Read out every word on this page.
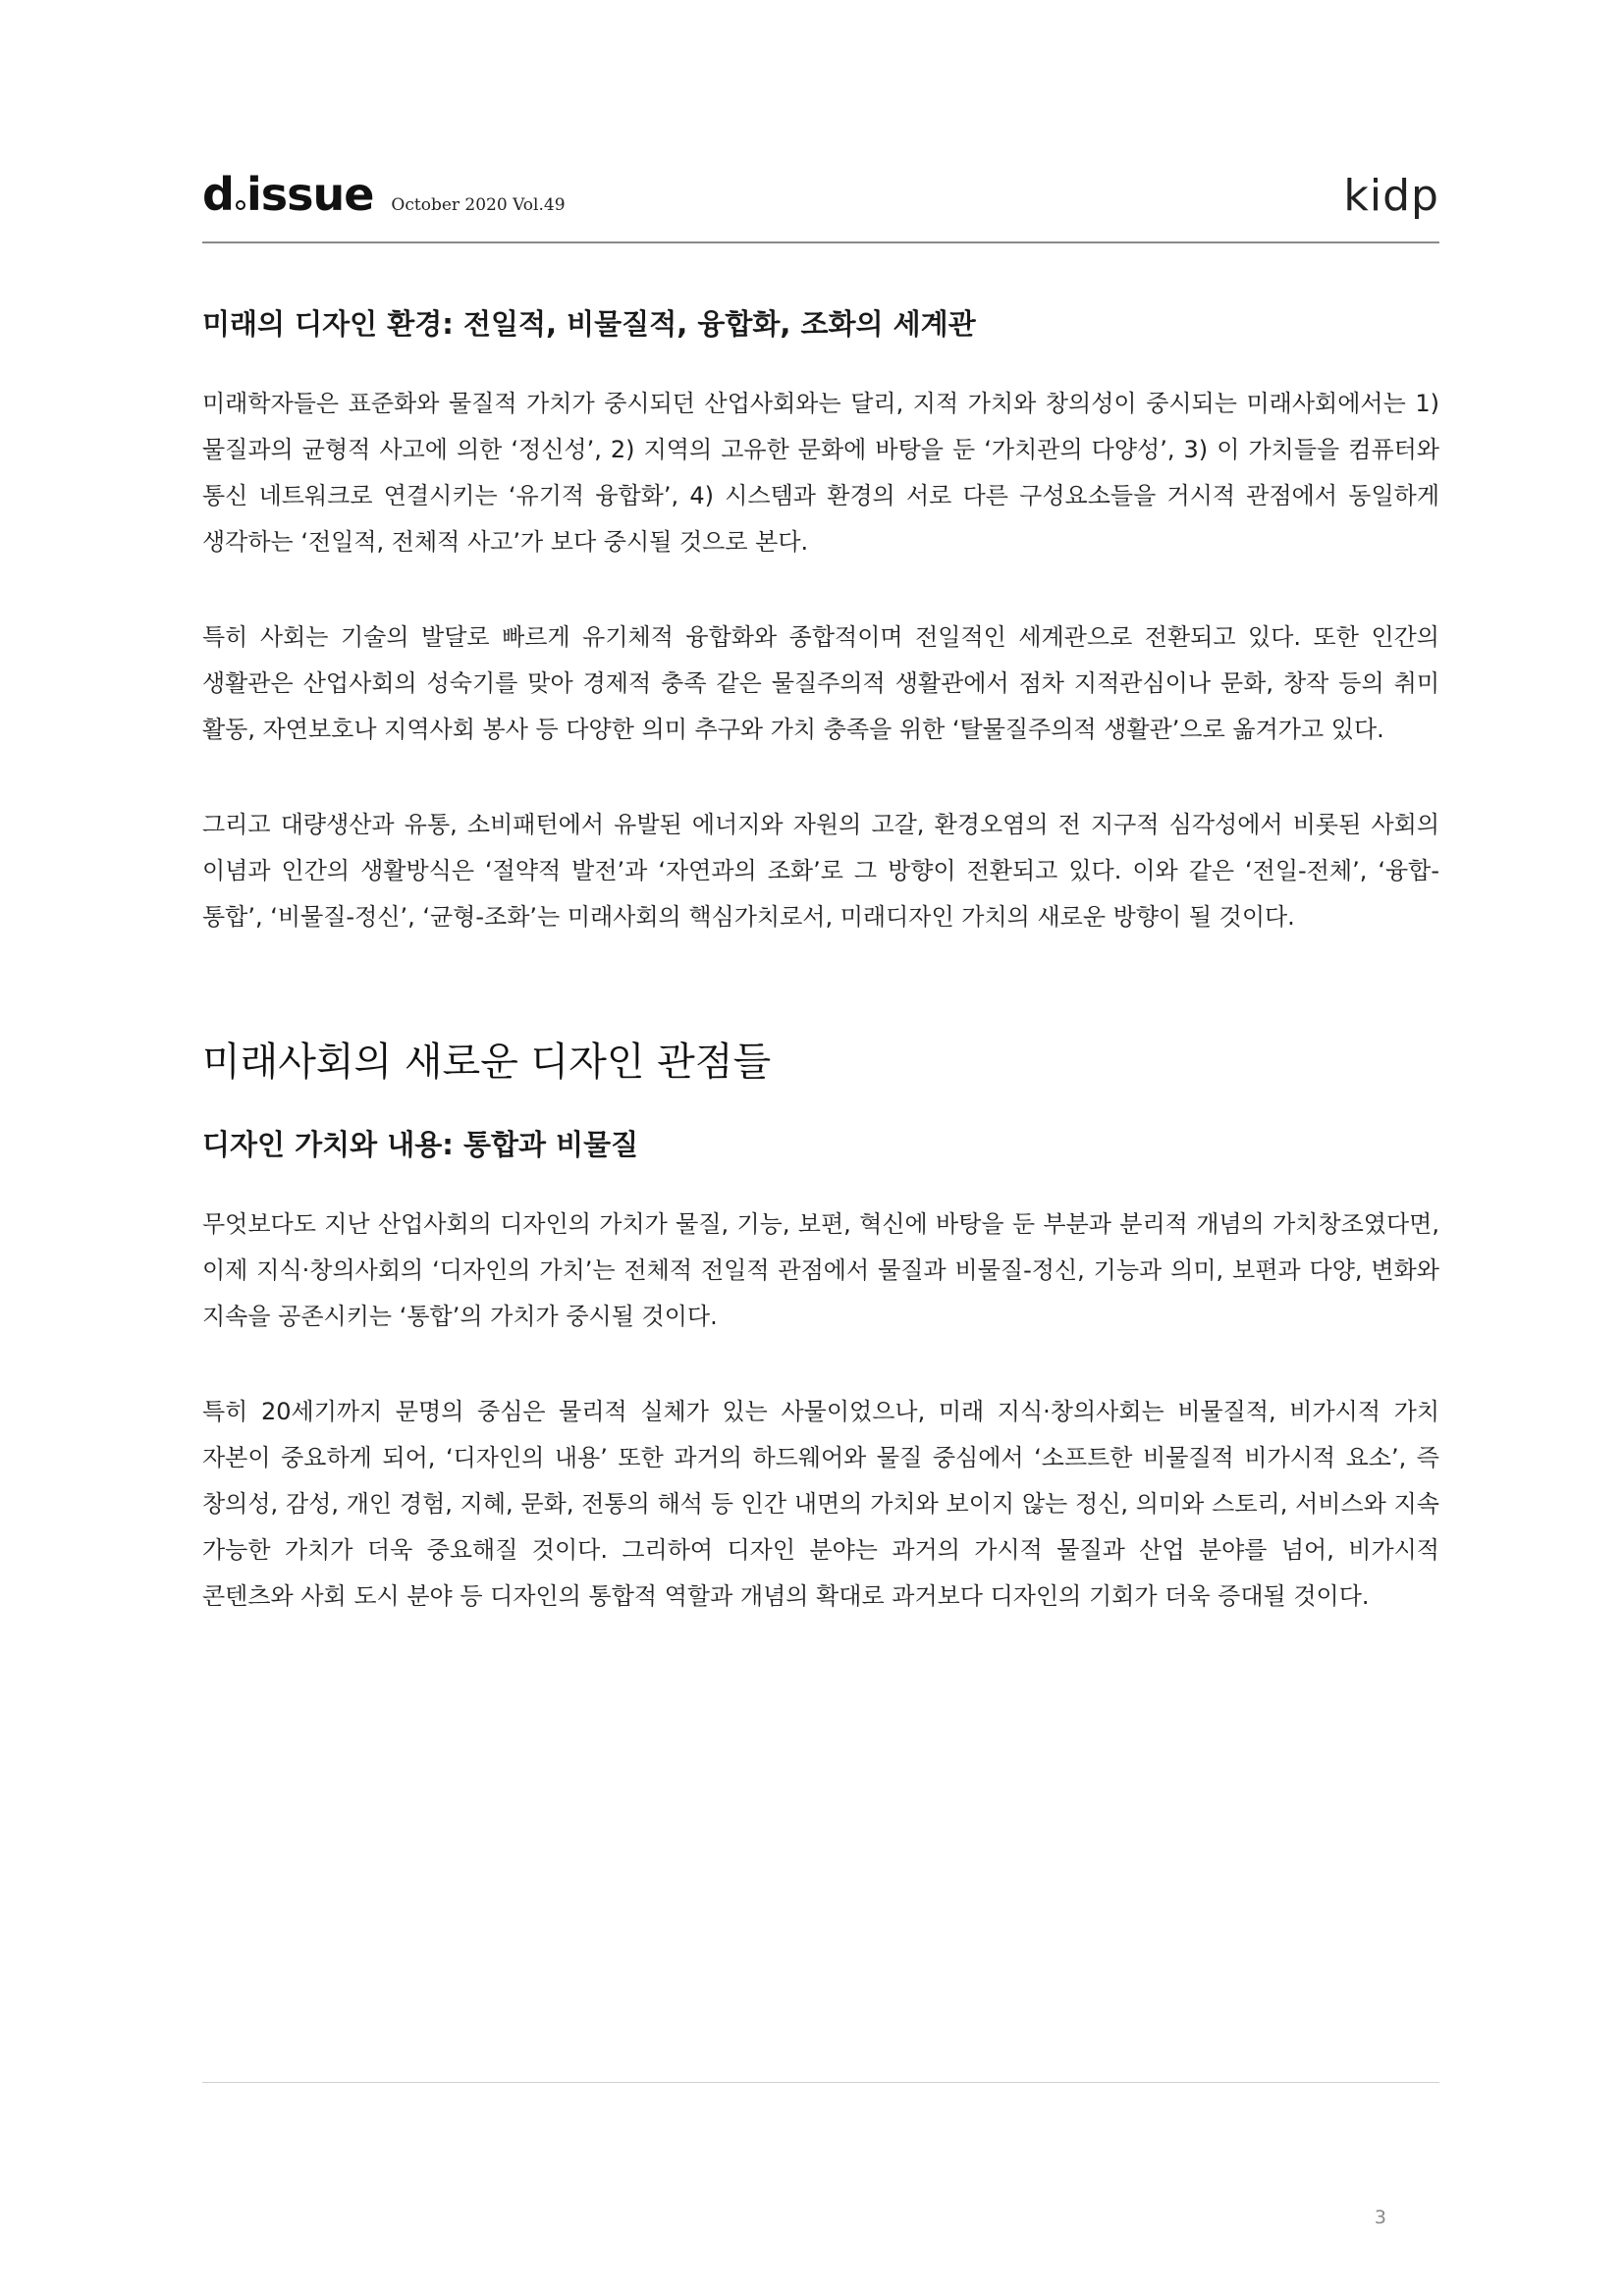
d issue October 2020 Vol.49	kidp
미래의 디자인 환경: 전일적, 비물질적, 융합화, 조화의 세계관

미래학자들은 표준화와 물질적 가치가 중시되던 산업사회와는 달리, 지적 가치와 창의성이 중시되는 미래사회에서는 1) 물질과의 균형적 사고에 의한 ‘정신성’, 2) 지역의 고유한 문화에 바탕을 둔 ‘가치관의 다양성’, 3) 이 가치들을 컴퓨터와 통신 네트워크로 연결시키는 ‘유기적 융합화’, 4) 시스템과 환경의 서로 다른 구성요소들을 거시적 관점에서 동일하게 생각하는 ‘전일적, 전체적 사고’가 보다 중시될 것으로 본다.

특히 사회는 기술의 발달로 빠르게 유기체적 융합화와 종합적이며 전일적인 세계관으로 전환되고 있다. 또한 인간의 생활관은 산업사회의 성숙기를 맞아 경제적 충족 같은 물질주의적 생활관에서 점차 지적관심이나 문화, 창작 등의 취미 활동, 자연보호나 지역사회 봉사 등 다양한 의미 추구와 가치 충족을 위한 ‘탈물질주의적 생활관’으로 옮겨가고 있다.

그리고 대량생산과 유통, 소비패턴에서 유발된 에너지와 자원의 고갈, 환경오염의 전 지구적 심각성에서 비롯된 사회의 이념과 인간의 생활방식은 ‘절약적 발전’과 ‘자연과의 조화’로 그 방향이 전환되고 있다. 이와 같은 ‘전일-전체’, ‘융합-통합’, ‘비물질-정신’, ‘균형-조화’는 미래사회의 핵심가치로서, 미래디자인 가치의 새로운 방향이 될 것이다.

미래사회의 새로운 디자인 관점들
디자인 가치와 내용: 통합과 비물질

무엇보다도 지난 산업사회의 디자인의 가치가 물질, 기능, 보편, 혁신에 바탕을 둔 부분과 분리적 개념의 가치창조였다면, 이제 지식·창의사회의 ‘디자인의 가치’는 전체적 전일적 관점에서 물질과 비물질-정신, 기능과 의미, 보편과 다양, 변화와 지속을 공존시키는 ‘통합’의 가치가 중시될 것이다.

특히 20세기까지 문명의 중심은 물리적 실체가 있는 사물이었으나, 미래 지식·창의사회는 비물질적, 비가시적 가치 자본이 중요하게 되어, ‘디자인의 내용’ 또한 과거의 하드웨어와 물질 중심에서 ‘소프트한 비물질적 비가시적 요소’, 즉 창의성, 감성, 개인 경험, 지혜, 문화, 전통의 해석 등 인간 내면의 가치와 보이지 않는 정신, 의미와 스토리, 서비스와 지속 가능한 가치가 더욱 중요해질 것이다. 그리하여 디자인 분야는 과거의 가시적 물질과 산업 분야를 넘어, 비가시적 콘텐츠와 사회 도시 분야 등 디자인의 통합적 역할과 개념의 확대로 과거보다 디자인의 기회가 더욱 증대될 것이다.

3
